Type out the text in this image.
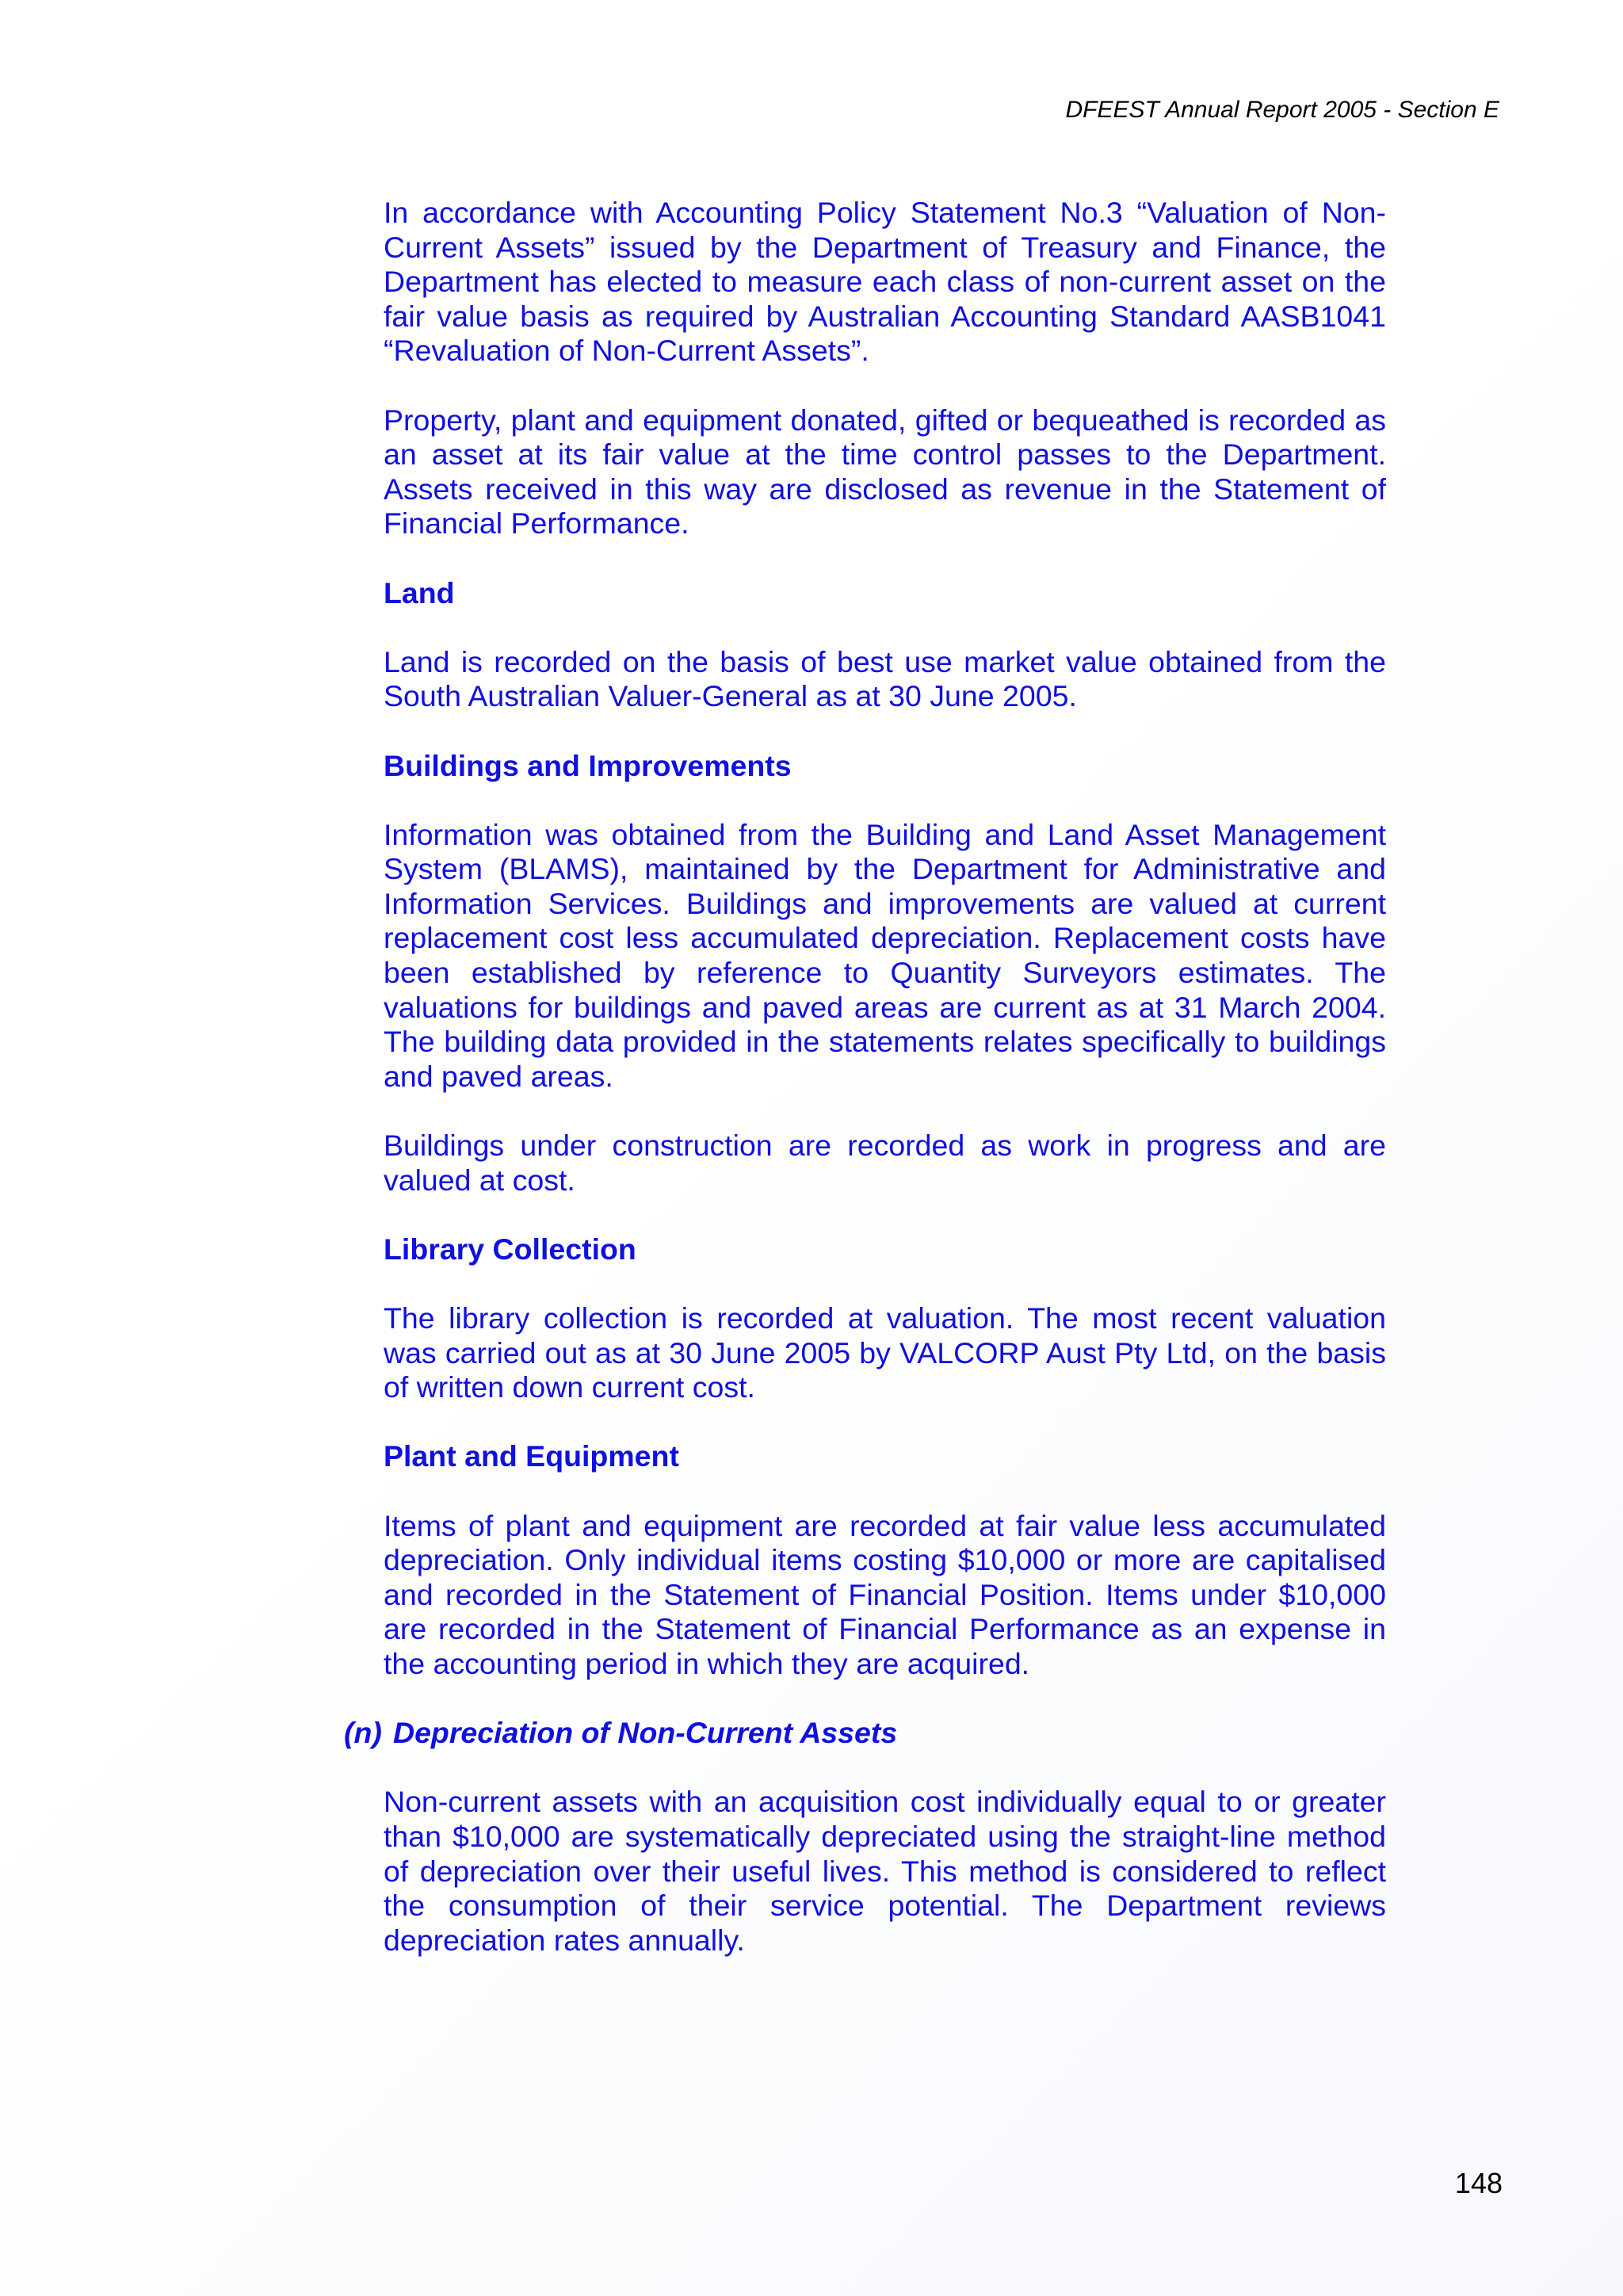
DFEEST Annual Report 2005 - Section E

In accordance with Accounting Policy Statement No.3 “Valuation of Non-Current Assets” issued by the Department of Treasury and Finance, the Department has elected to measure each class of non-current asset on the fair value basis as required by Australian Accounting Standard AASB1041 “Revaluation of Non-Current Assets”.

Property, plant and equipment donated, gifted or bequeathed is recorded as an asset at its fair value at the time control passes to the Department. Assets received in this way are disclosed as revenue in the Statement of Financial Performance.

Land

Land is recorded on the basis of best use market value obtained from the South Australian Valuer-General as at 30 June 2005.

Buildings and Improvements

Information was obtained from the Building and Land Asset Management System (BLAMS), maintained by the Department for Administrative and Information Services. Buildings and improvements are valued at current replacement cost less accumulated depreciation. Replacement costs have been established by reference to Quantity Surveyors estimates. The valuations for buildings and paved areas are current as at 31 March 2004. The building data provided in the statements relates specifically to buildings and paved areas.

Buildings under construction are recorded as work in progress and are valued at cost.

Library Collection

The library collection is recorded at valuation. The most recent valuation was carried out as at 30 June 2005 by VALCORP Aust Pty Ltd, on the basis of written down current cost.

Plant and Equipment

Items of plant and equipment are recorded at fair value less accumulated depreciation. Only individual items costing $10,000 or more are capitalised and recorded in the Statement of Financial Position. Items under $10,000 are recorded in the Statement of Financial Performance as an expense in the accounting period in which they are acquired.

(n) Depreciation of Non-Current Assets

Non-current assets with an acquisition cost individually equal to or greater than $10,000 are systematically depreciated using the straight-line method of depreciation over their useful lives. This method is considered to reflect the consumption of their service potential. The Department reviews depreciation rates annually.

148
